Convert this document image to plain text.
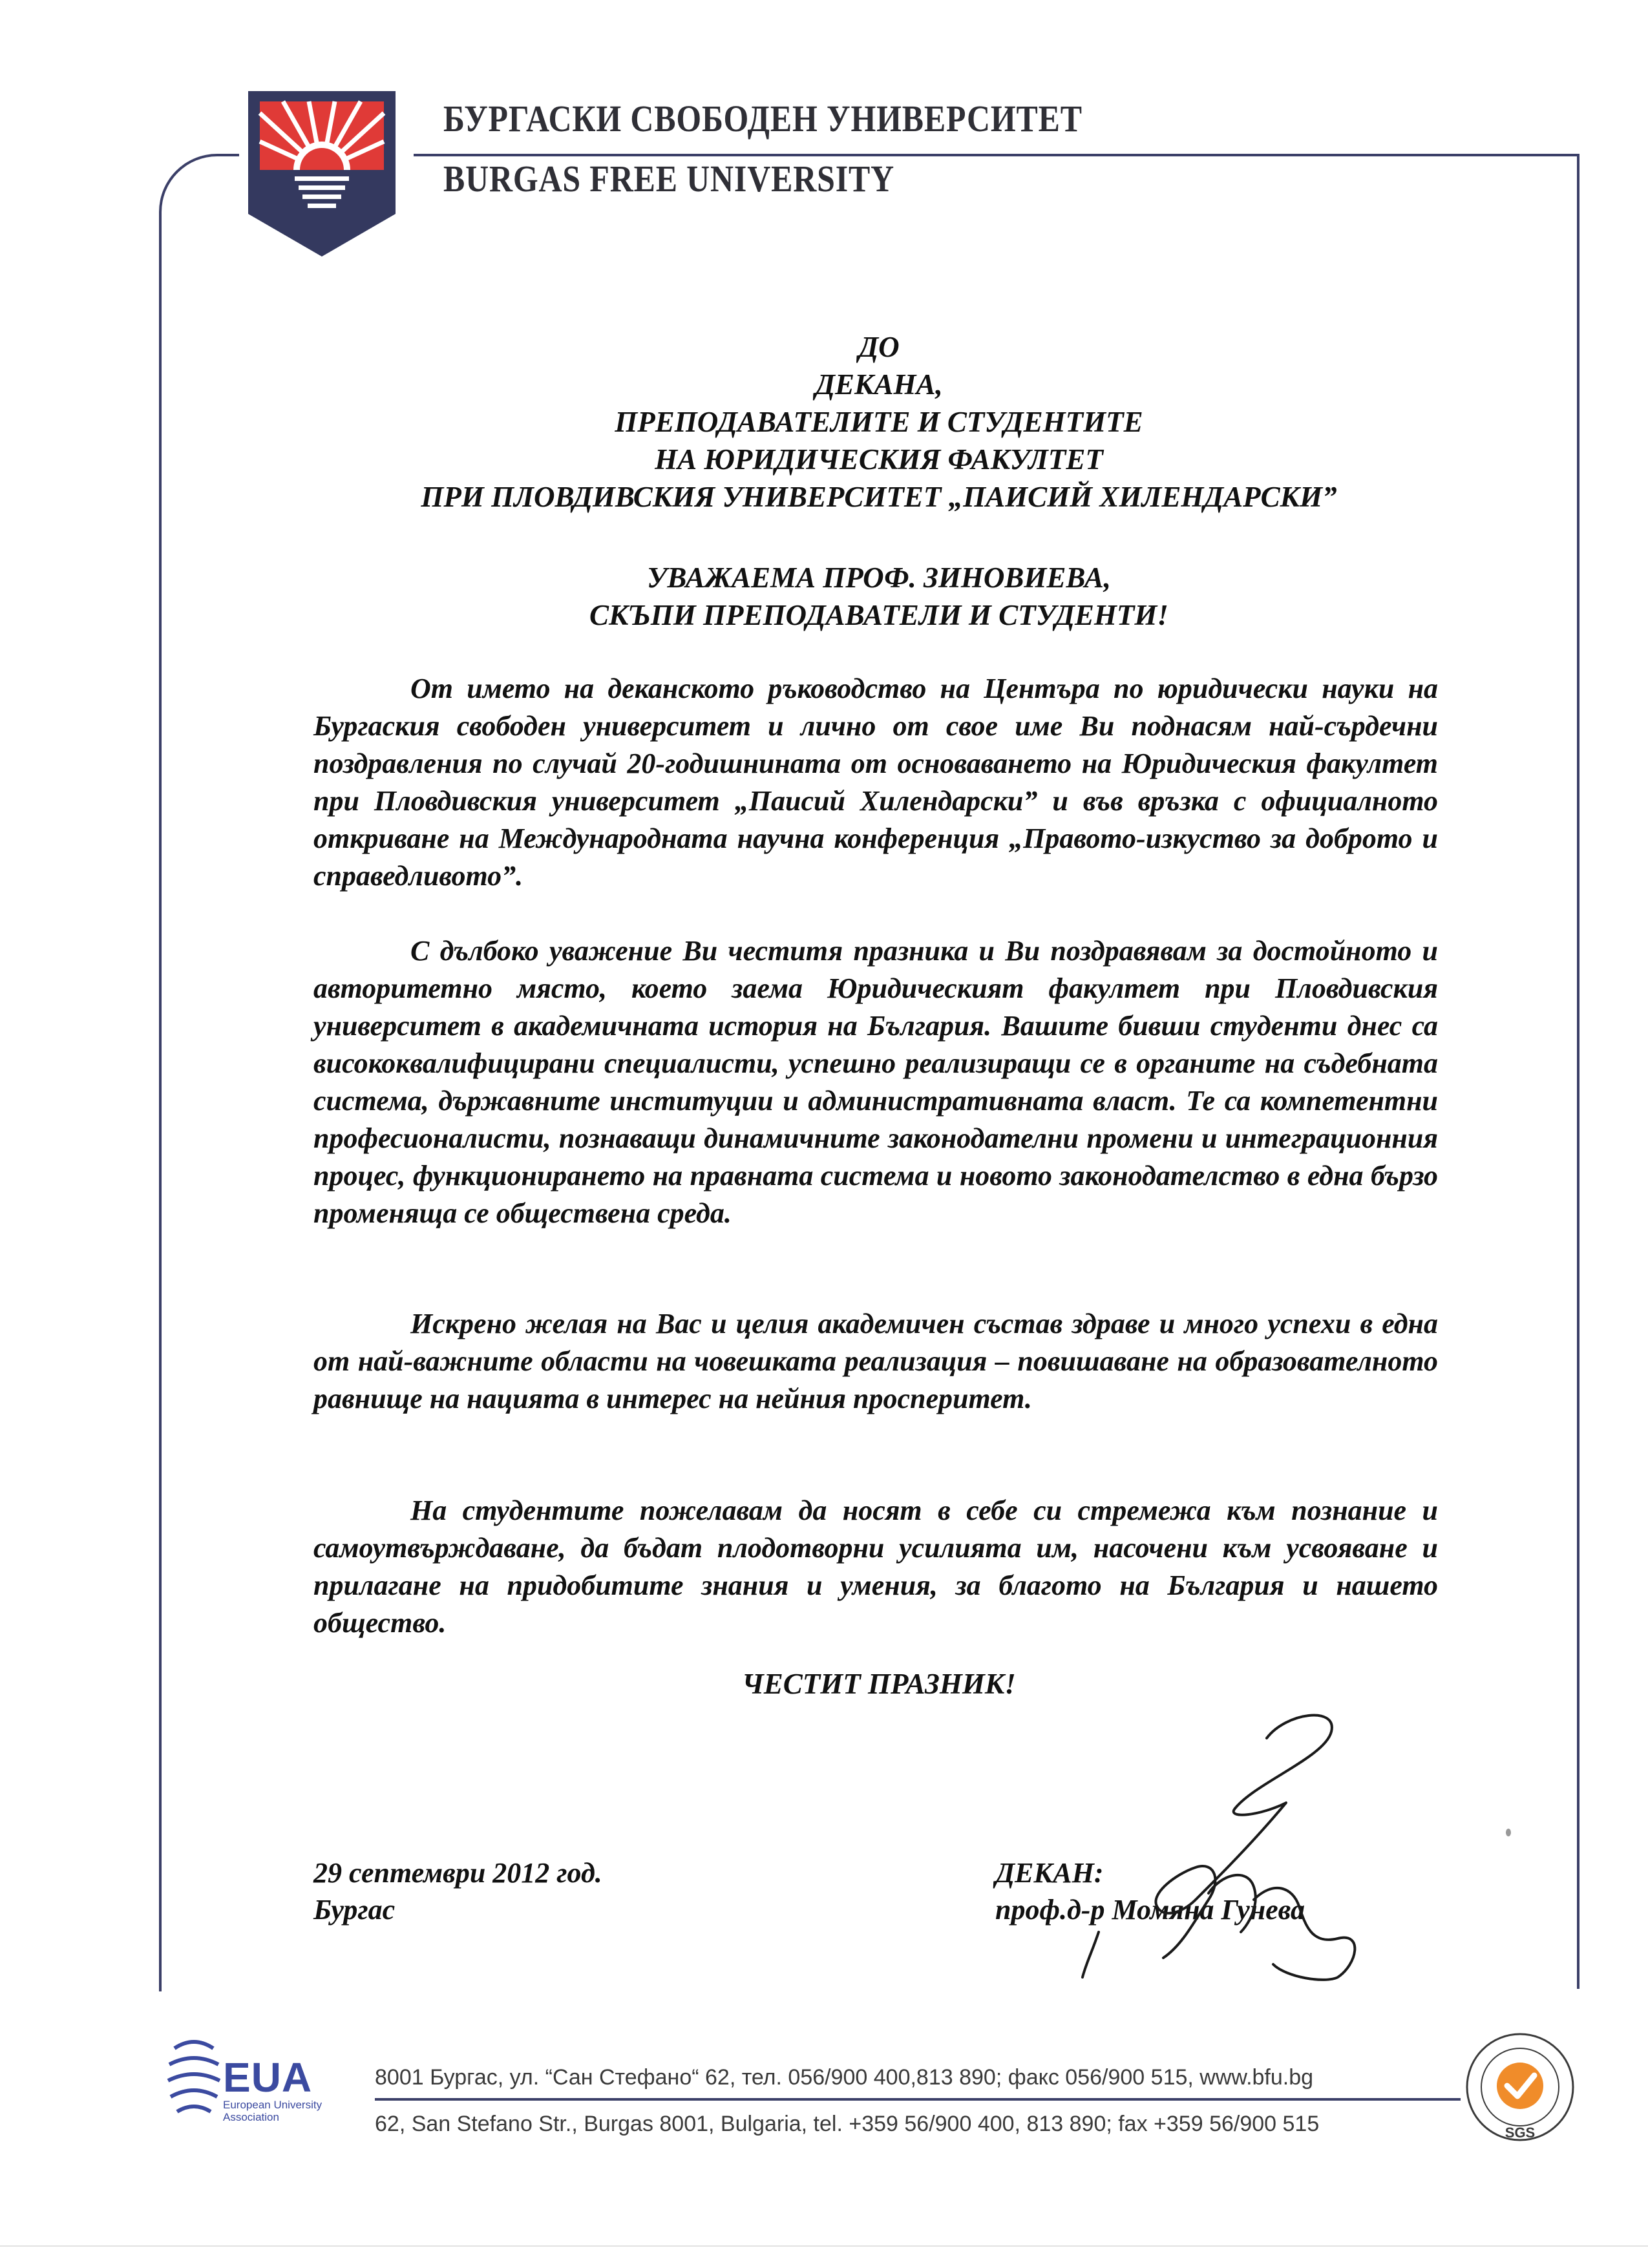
БУРГАСКИ СВОБОДЕН УНИВЕРСИТЕТ
BURGAS FREE UNIVERSITY
ДО
ДЕКАНА,
ПРЕПОДАВАТЕЛИТЕ И СТУДЕНТИТЕ
НА ЮРИДИЧЕСКИЯ ФАКУЛТЕТ
ПРИ ПЛОВДИВСКИЯ УНИВЕРСИТЕТ „ПАИСИЙ ХИЛЕНДАРСКИ”
УВАЖАЕМА ПРОФ. ЗИНОВИЕВА,
СКЪПИ ПРЕПОДАВАТЕЛИ И СТУДЕНТИ!

От името на деканското ръководство на Центъра по юридически науки на Бургаския свободен университет и лично от свое име Ви поднасям най-сърдечни поздравления по случай 20-годишнината от основаването на Юридическия факултет при Пловдивския университет „Паисий Хилендарски” и във връзка с официалното откриване на Международната научна конференция „Правото-изкуство за доброто и справедливото”.

С дълбоко уважение Ви честитя празника и Ви поздравявам за достойното и авторитетно място, което заема Юридическият факултет при Пловдивския университет в академичната история на България. Вашите бивши студенти днес са висококвалифицирани специалисти, успешно реализиращи се в органите на съдебната система, държавните институции и административната власт. Те са компетентни професионалисти, познаващи динамичните законодателни промени и интеграционния процес, функционирането на правната система и новото законодателство в една бързо променяща се обществена среда.

Искрено желая на Вас и целия академичен състав здраве и много успехи в една от най-важните области на човешката реализация – повишаване на образователното равнище на нацията в интерес на нейния просперитет.

На студентите пожелавам да носят в себе си стремежа към познание и самоутвърждаване, да бъдат плодотворни усилията им, насочени към усвояване и прилагане на придобитите знания и умения, за благото на България и нашето общество.

ЧЕСТИТ ПРАЗНИК!
29 септември 2012 год.
Бургас
ДЕКАН:
проф.д-р Момяна Гунева
EUA
European University
Association
8001 Бургас, ул. “Сан Стефано“ 62, тел. 056/900 400,813 890; факс 056/900 515, www.bfu.bg
62, San Stefano Str., Burgas 8001, Bulgaria, tel. +359 56/900 400, 813 890; fax +359 56/900 515	SGS
